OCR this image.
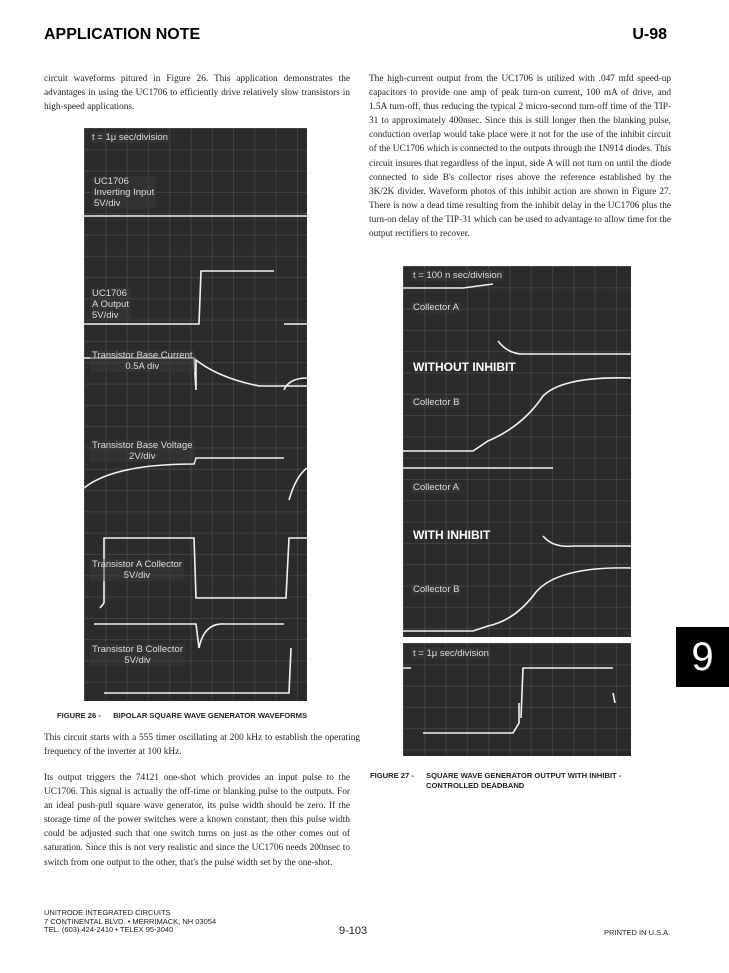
APPLICATION NOTE	U-98

circuit waveforms pitured in Figure 26. This application demonstrates the advantages in using the UC1706 to efficiently drive relatively slow transistors in high-speed applications.

t = 1μ sec/division
UC1706
Inverting Input
5V/div
UC1706
A Output
5V/div
Transistor Base Current
0.5A div
Transistor Base Voltage
2V/div
Transistor A Collector
5V/div
Transistor B Collector
5V/div
FIGURE 26 - BIPOLAR SQUARE WAVE GENERATOR WAVEFORMS

This circuit starts with a 555 timer oscillating at 200 kHz to establish the operating frequency of the inverter at 100 kHz.

Its output triggers the 74121 one-shot which provides an input pulse to the UC1706. This signal is actually the off-time or blanking pulse to the outputs. For an ideal push-pull square wave generator, its pulse width should be zero. If the storage time of the power switches were a known constant, then this pulse width could be adjusted such that one switch turns on just as the other comes out of saturation. Since this is not very realistic and since the UC1706 needs 200nsec to switch from one output to the other, that's the pulse width set by the one-shot.

The high-current output from the UC1706 is utilized with .047 mfd speed-up capacitors to provide one amp of peak turn-on current, 100 mA of drive, and 1.5A turn-off, thus reducing the typical 2 micro-second turn-off time of the TIP-31 to approximately 400nsec. Since this is still longer then the blanking pulse, conduction overlap would take place were it not for the use of the inhibit circuit of the UC1706 which is connected to the outputs through the 1N914 diodes. This circuit insures that regardless of the input, side A will not turn on until the diode connected to side B's collector rises above the reference established by the 3K/2K divider. Waveform photos of this inhibit action are shown in Figure 27. There is now a dead time resulting from the inhibit delay in the UC1706 plus the turn-on delay of the TIP-31 which can be used to advantage to allow time for the output rectifiers to recover.

t = 100 n sec/division
Collector A
WITHOUT INHIBIT
Collector B
Collector A
WITH INHIBIT
Collector B
t = 1μ sec/division
FIGURE 27 - SQUARE WAVE GENERATOR OUTPUT WITH INHIBIT - CONTROLLED DEADBAND
9
UNITRODE INTEGRATED CIRCUITS
7 CONTINENTAL BLVD. • MERRIMACK, NH 03054
TEL. (603) 424-2410 • TELEX 95-3040	9-103	PRINTED IN U.S.A.
